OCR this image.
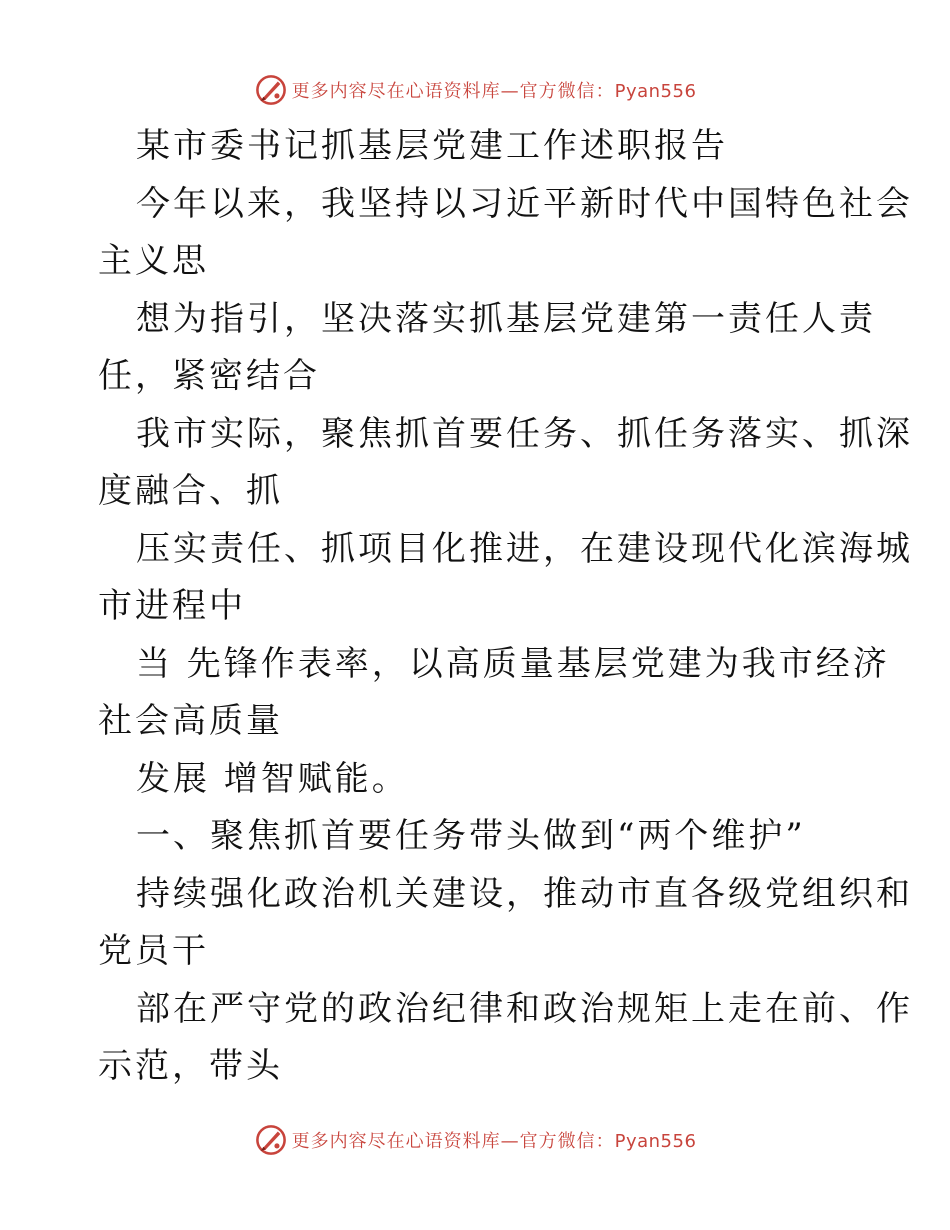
更多内容尽在心语资料库—官方微信：Pyan556

某市委书记抓基层党建工作述职报告

今年以来，我坚持以习近平新时代中国特色社会

主义思

想为指引，坚决落实抓基层党建第一责任人责

任，紧密结合

我市实际，聚焦抓首要任务、抓任务落实、抓深

度融合、抓

压实责任、抓项目化推进，在建设现代化滨海城

市进程中

当 先锋作表率，以高质量基层党建为我市经济

社会高质量

发展 增智赋能。

一、聚焦抓首要任务带头做到“两个维护”

持续强化政治机关建设，推动市直各级党组织和

党员干

部在严守党的政治纪律和政治规矩上走在前、作

示范，带头

更多内容尽在心语资料库—官方微信：Pyan556
